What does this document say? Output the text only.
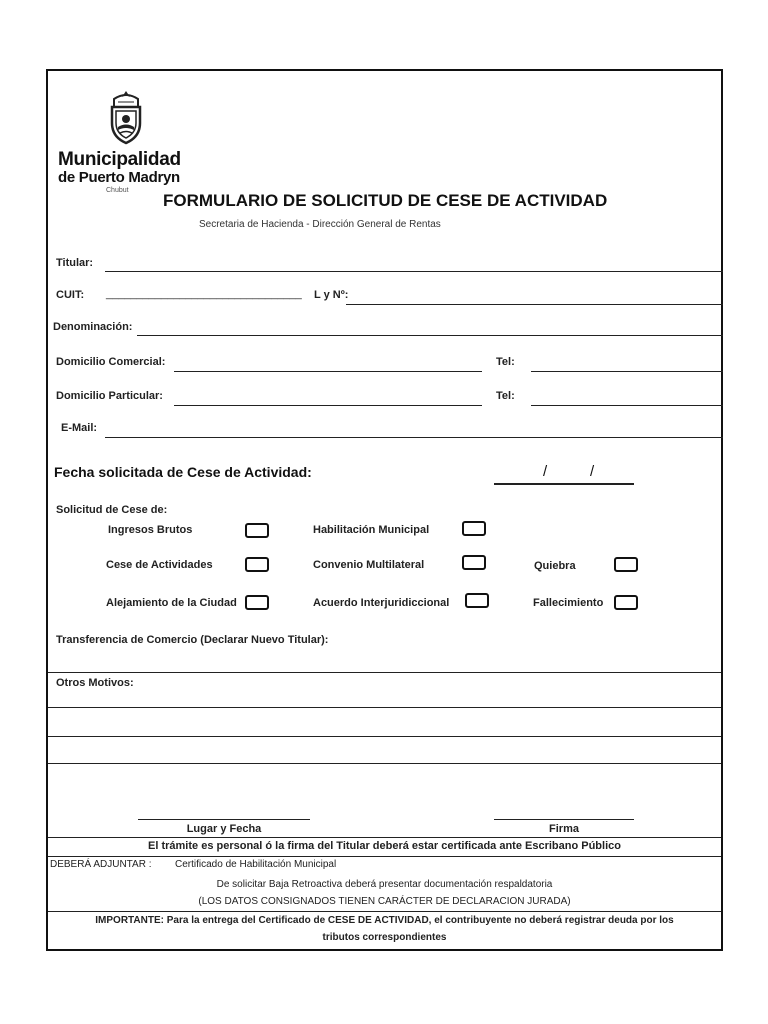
Municipalidad
de Puerto Madryn
Chubut
FORMULARIO DE SOLICITUD DE CESE DE ACTIVIDAD
Secretaria de Hacienda - Dirección General de Rentas
Titular:
CUIT: ________________________________ L y Nº:
Denominación:
Domicilio Comercial:	Tel:
Domicilio Particular:	Tel:
E-Mail:
Fecha solicitada de Cese de Actividad:	/	/
Solicitud de Cese de:
Ingresos Brutos	Habilitación Municipal
Cese de Actividades	Convenio Multilateral	Quiebra
Alejamiento de la Ciudad	Acuerdo Interjuridiccional	Fallecimiento
Transferencia de Comercio (Declarar Nuevo Titular):
Otros Motivos:
Lugar y Fecha	Firma
El trámite es personal ó la firma del Titular deberá estar certificada ante Escribano Público
DEBERÁ ADJUNTAR : Certificado de Habilitación Municipal
De solicitar Baja Retroactiva deberá presentar documentación respaldatoria
(LOS DATOS CONSIGNADOS TIENEN CARÁCTER DE DECLARACION JURADA)
IMPORTANTE: Para la entrega del Certificado de CESE DE ACTIVIDAD, el contribuyente no deberá registrar deuda por los
tributos correspondientes
